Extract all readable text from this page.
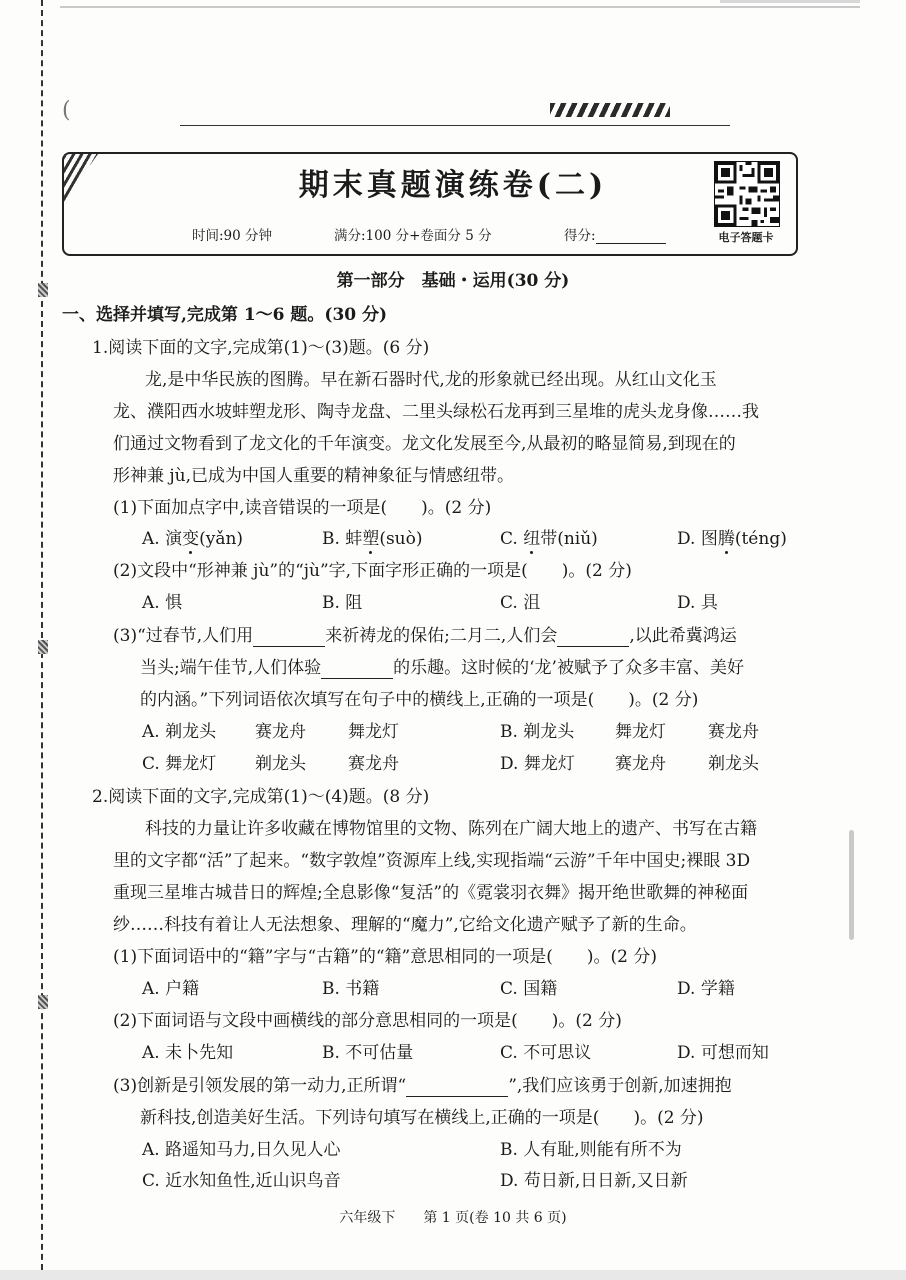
(
期末真题演练卷(二)
时间:90 分钟	满分:100 分+卷面分 5 分	得分:	电子答题卡
第一部分　基础・运用(30 分)
一、选择并填写,完成第 1～6 题。(30 分)
1.阅读下面的文字,完成第(1)～(3)题。(6 分)
龙,是中华民族的图腾。早在新石器时代,龙的形象就已经出现。从红山文化玉
龙、濮阳西水坡蚌塑龙形、陶寺龙盘、二里头绿松石龙再到三星堆的虎头龙身像……我
们通过文物看到了龙文化的千年演变。龙文化发展至今,从最初的略显简易,到现在的
形神兼 jù,已成为中国人重要的精神象征与情感纽带。
(1)下面加点字中,读音错误的一项是(　　)。(2 分)
A. 演变(yǎn)	B. 蚌塑(suò)	C. 纽带(niǔ)	D. 图腾(téng)
(2)文段中“形神兼 jù”的“jù”字,下面字形正确的一项是(　　)。(2 分)
A. 惧	B. 阻	C. 沮	D. 具
(3)“过春节,人们用	来祈祷龙的保佑;二月二,人们会	,以此希冀鸿运
当头;端午佳节,人们体验	的乐趣。这时候的‘龙’被赋予了众多丰富、美好
的内涵。”下列词语依次填写在句子中的横线上,正确的一项是(　　)。(2 分)
A. 剃龙头 赛龙舟 舞龙灯	B. 剃龙头 舞龙灯 赛龙舟
C. 舞龙灯 剃龙头 赛龙舟	D. 舞龙灯 赛龙舟 剃龙头
2.阅读下面的文字,完成第(1)～(4)题。(8 分)
科技的力量让许多收藏在博物馆里的文物、陈列在广阔大地上的遗产、书写在古籍
里的文字都“活”了起来。“数字敦煌”资源库上线,实现指端“云游”千年中国史;裸眼 3D
重现三星堆古城昔日的辉煌;全息影像“复活”的《霓裳羽衣舞》揭开绝世歌舞的神秘面
纱……科技有着让人无法想象、理解的“魔力”,它给文化遗产赋予了新的生命。
(1)下面词语中的“籍”字与“古籍”的“籍”意思相同的一项是(　　)。(2 分)
A. 户籍	B. 书籍	C. 国籍	D. 学籍
(2)下面词语与文段中画横线的部分意思相同的一项是(　　)。(2 分)
A. 未卜先知	B. 不可估量	C. 不可思议	D. 可想而知
(3)创新是引领发展的第一动力,正所谓“	”,我们应该勇于创新,加速拥抱
新科技,创造美好生活。下列诗句填写在横线上,正确的一项是(　　)。(2 分)
A. 路遥知马力,日久见人心	B. 人有耻,则能有所不为
C. 近水知鱼性,近山识鸟音	D. 苟日新,日日新,又日新
六年级下　　第 1 页(卷 10 共 6 页)
